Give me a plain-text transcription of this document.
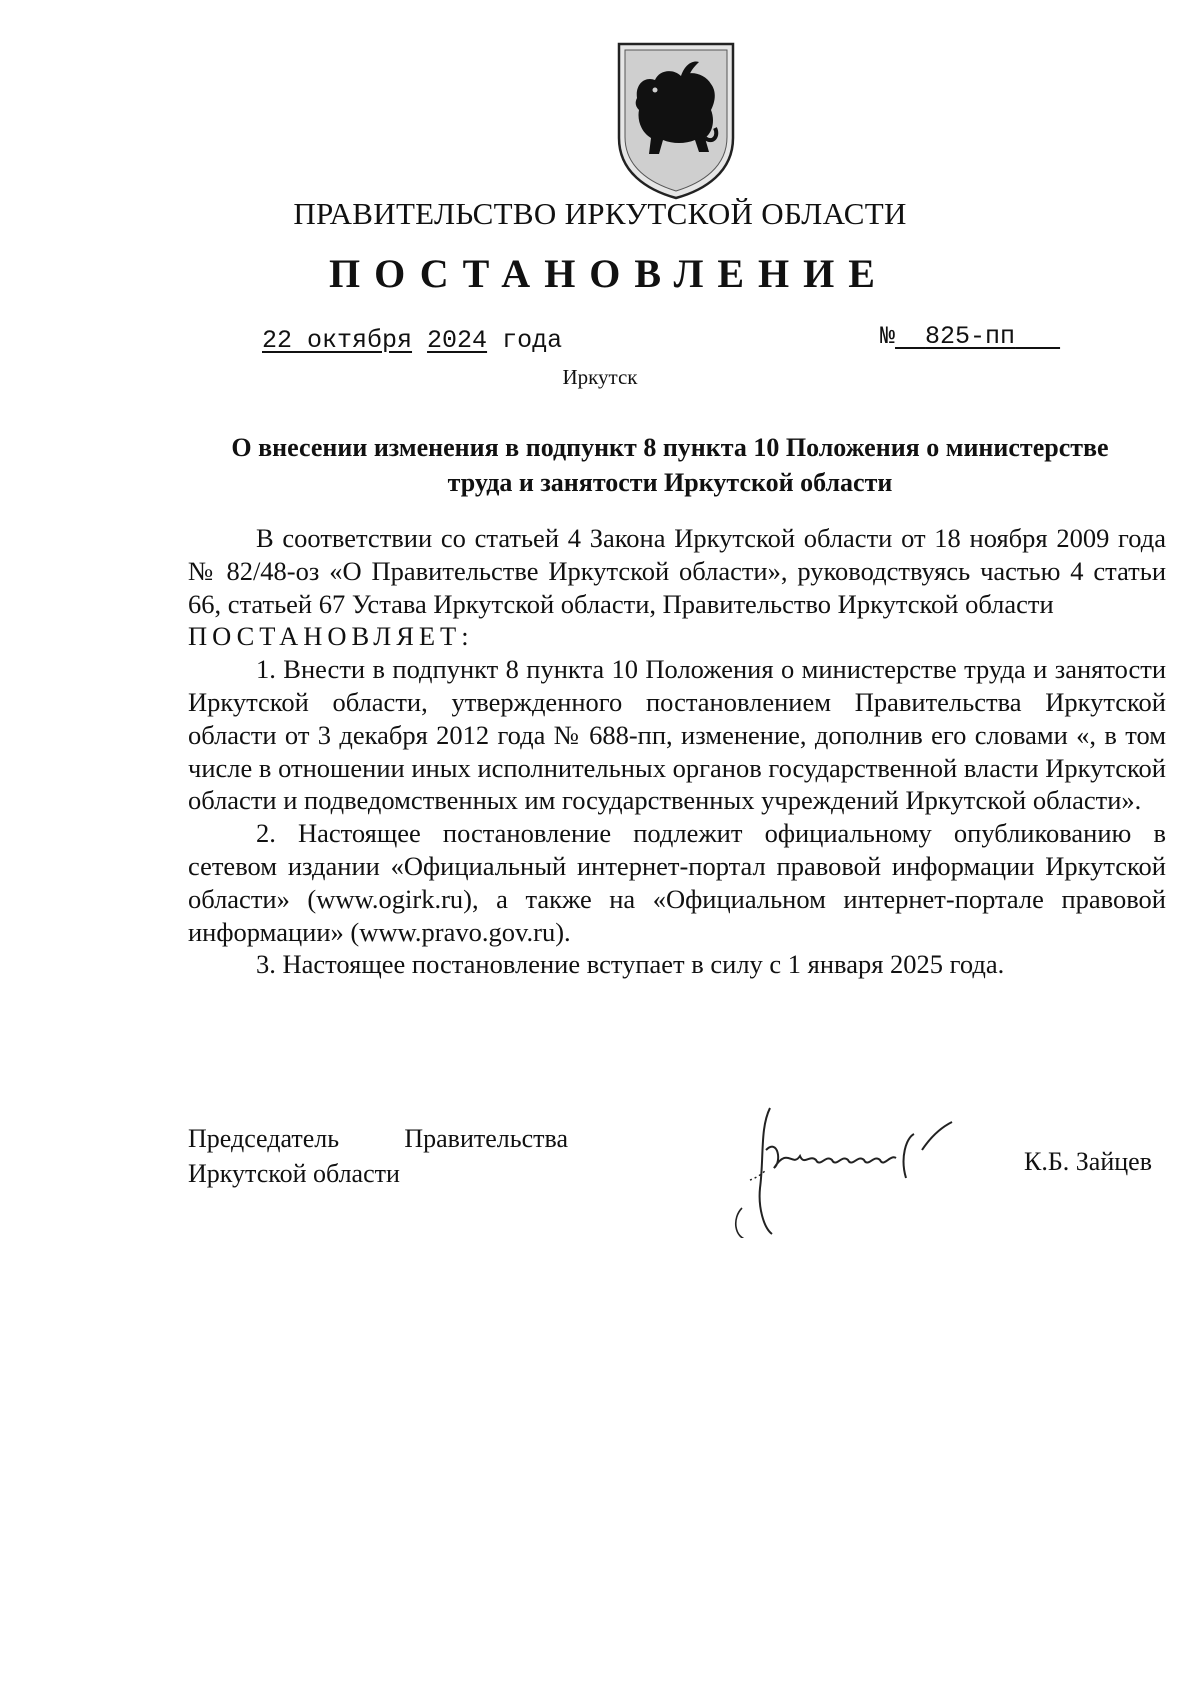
ПРАВИТЕЛЬСТВО ИРКУТСКОЙ ОБЛАСТИ
ПОСТАНОВЛЕНИЕ
22 октября 2024 года	№ 825-пп
Иркутск
О внесении изменения в подпункт 8 пункта 10 Положения о министерстве
труда и занятости Иркутской области

В соответствии со статьей 4 Закона Иркутской области от 18 ноября 2009 года № 82/48-оз «О Правительстве Иркутской области», руководствуясь частью 4 статьи 66, статьей 67 Устава Иркутской области, Правительство Иркутской области

ПОСТАНОВЛЯЕТ:

1. Внести в подпункт 8 пункта 10 Положения о министерстве труда и занятости Иркутской области, утвержденного постановлением Правительства Иркутской области от 3 декабря 2012 года № 688-пп, изменение, дополнив его словами «, в том числе в отношении иных исполнительных органов государственной власти Иркутской области и подведомственных им государственных учреждений Иркутской области».

2. Настоящее постановление подлежит официальному опубликованию в сетевом издании «Официальный интернет-портал правовой информации Иркутской области» (www.ogirk.ru), а также на «Официальном интернет-портале правовой информации» (www.pravo.gov.ru).

3. Настоящее постановление вступает в силу с 1 января 2025 года.

Председатель Правительства
Иркутской области	К.Б. Зайцев
